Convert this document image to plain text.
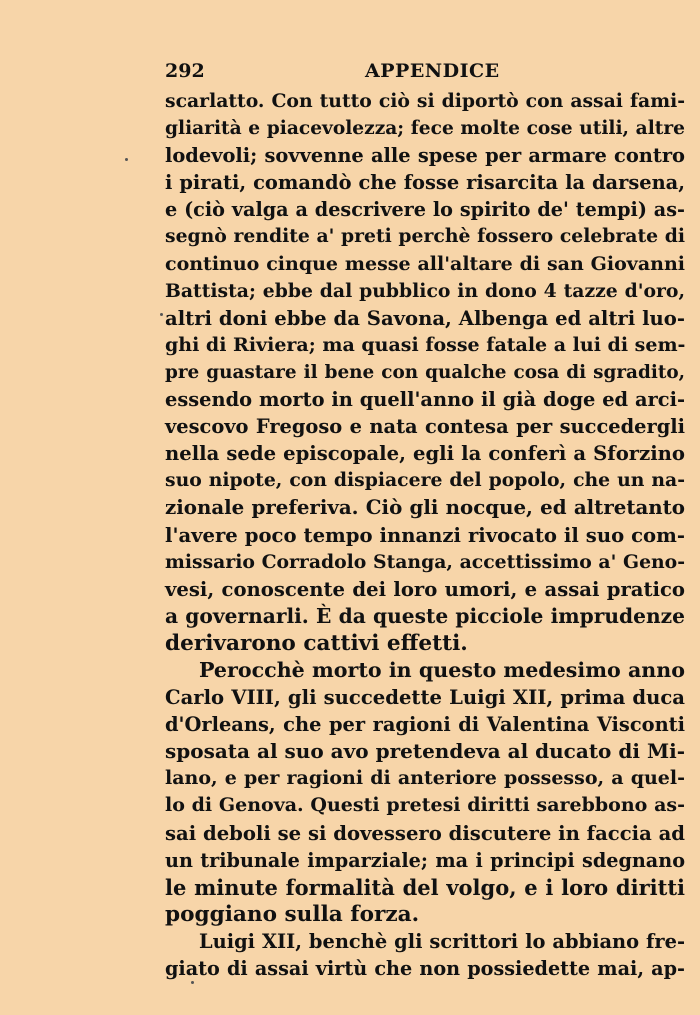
292	APPENDICE
scarlatto. Con tutto ciò si diportò con assai fami-
gliarità e piacevolezza; fece molte cose utili, altre
lodevoli; sovvenne alle spese per armare contro
i pirati, comandò che fosse risarcita la darsena,
e (ciò valga a descrivere lo spirito de' tempi) as-
segnò rendite a' preti perchè fossero celebrate di
continuo cinque messe all'altare di san Giovanni
Battista; ebbe dal pubblico in dono 4 tazze d'oro,
altri doni ebbe da Savona, Albenga ed altri luo-
ghi di Riviera; ma quasi fosse fatale a lui di sem-
pre guastare il bene con qualche cosa di sgradito,
essendo morto in quell'anno il già doge ed arci-
vescovo Fregoso e nata contesa per succedergli
nella sede episcopale, egli la conferì a Sforzino
suo nipote, con dispiacere del popolo, che un na-
zionale preferiva. Ciò gli nocque, ed altretanto
l'avere poco tempo innanzi rivocato il suo com-
missario Corradolo Stanga, accettissimo a' Geno-
vesi, conoscente dei loro umori, e assai pratico
a governarli. È da queste picciole imprudenze
derivarono cattivi effetti.
Perocchè morto in questo medesimo anno
Carlo VIII, gli succedette Luigi XII, prima duca
d'Orleans, che per ragioni di Valentina Visconti
sposata al suo avo pretendeva al ducato di Mi-
lano, e per ragioni di anteriore possesso, a quel-
lo di Genova. Questi pretesi diritti sarebbono as-
sai deboli se si dovessero discutere in faccia ad
un tribunale imparziale; ma i principi sdegnano
le minute formalità del volgo, e i loro diritti
poggiano sulla forza.
Luigi XII, benchè gli scrittori lo abbiano fre-
giato di assai virtù che non possiedette mai, ap-
